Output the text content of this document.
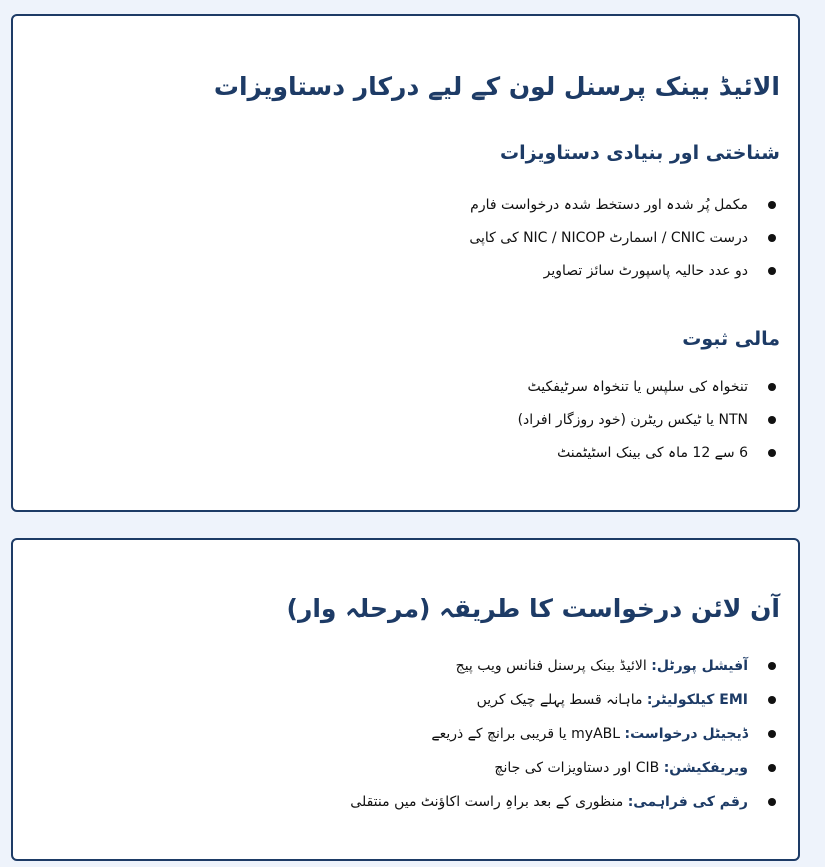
الائیڈ بینک پرسنل لون کے لیے درکار دستاویزات
شناختی اور بنیادی دستاویزات
مکمل پُر شدہ اور دستخط شدہ درخواست فارم
درست CNIC / اسمارٹ NIC / NICOP کی کاپی
دو عدد حالیہ پاسپورٹ سائز تصاویر
مالی ثبوت
تنخواہ کی سلپس یا تنخواہ سرٹیفکیٹ
NTN یا ٹیکس ریٹرن (خود روزگار افراد)
6 سے 12 ماہ کی بینک اسٹیٹمنٹ
آن لائن درخواست کا طریقہ (مرحلہ وار)
آفیشل پورٹل: الائیڈ بینک پرسنل فنانس ویب پیج
EMI کیلکولیٹر: ماہانہ قسط پہلے چیک کریں
ڈیجیٹل درخواست: myABL یا قریبی برانچ کے ذریعے
ویریفکیشن: CIB اور دستاویزات کی جانچ
رقم کی فراہمی: منظوری کے بعد براہِ راست اکاؤنٹ میں منتقلی
